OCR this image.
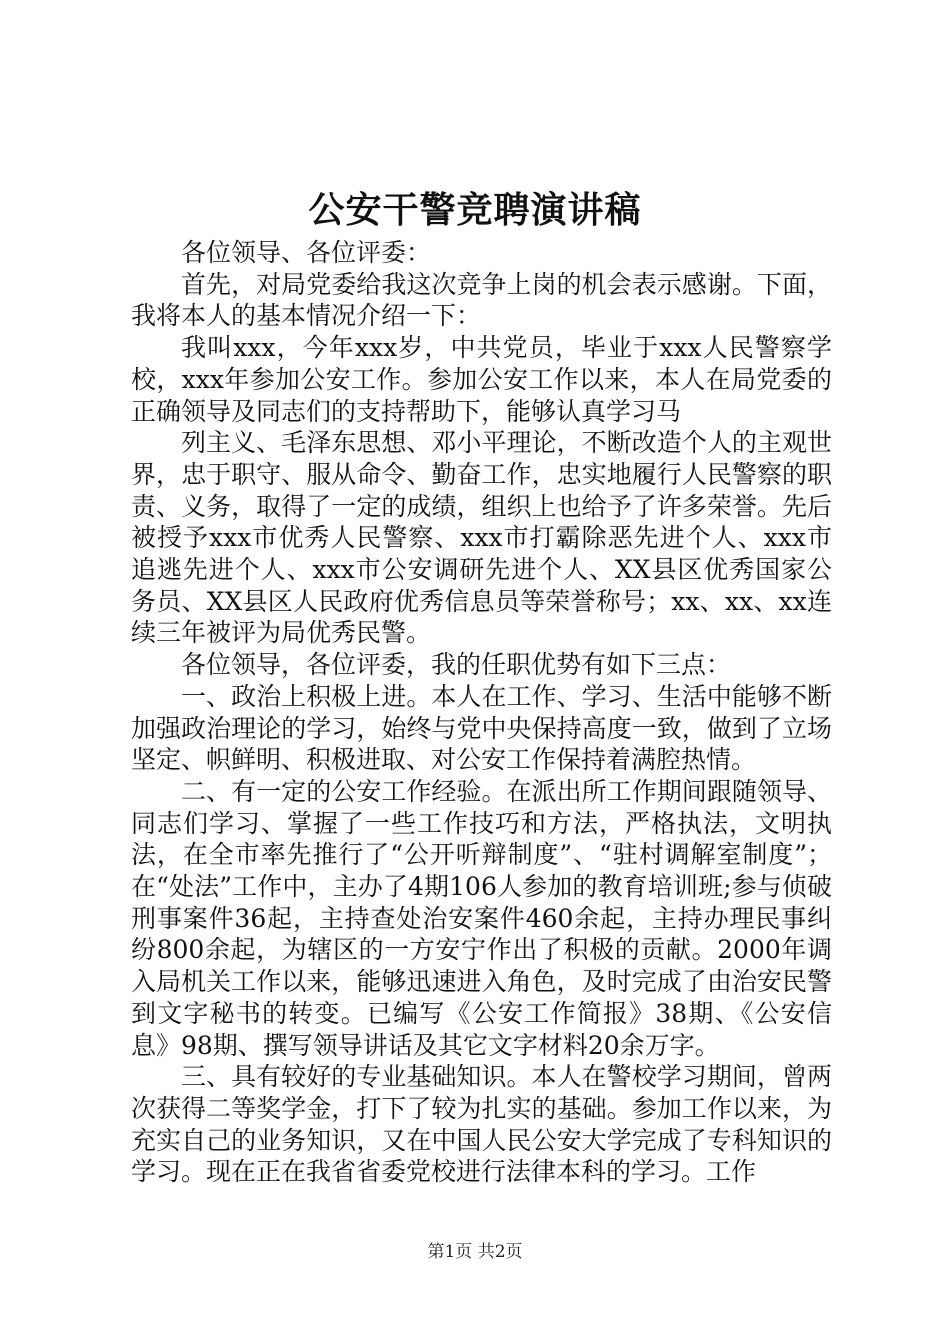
公安干警竞聘演讲稿

各位领导、各位评委：

首先，对局党委给我这次竞争上岗的机会表示感谢。下面，我将本人的基本情况介绍一下：

我叫xxx，今年xxx岁，中共党员，毕业于xxx人民警察学校，xxx年参加公安工作。参加公安工作以来，本人在局党委的正确领导及同志们的支持帮助下，能够认真学习马

列主义、毛泽东思想、邓小平理论，不断改造个人的主观世界，忠于职守、服从命令、勤奋工作，忠实地履行人民警察的职责、义务，取得了一定的成绩，组织上也给予了许多荣誉。先后被授予xxx市优秀人民警察、xxx市打霸除恶先进个人、xxx市追逃先进个人、xxx市公安调研先进个人、XX县区优秀国家公务员、XX县区人民政府优秀信息员等荣誉称号；xx、xx、xx连续三年被评为局优秀民警。

各位领导，各位评委，我的任职优势有如下三点：

一、政治上积极上进。本人在工作、学习、生活中能够不断加强政治理论的学习，始终与党中央保持高度一致，做到了立场坚定、帜鲜明、积极进取、对公安工作保持着满腔热情。

二、有一定的公安工作经验。在派出所工作期间跟随领导、同志们学习、掌握了一些工作技巧和方法，严格执法，文明执法，在全市率先推行了“公开听辩制度”、“驻村调解室制度”；在“处法”工作中，主办了4期106人参加的教育培训班;参与侦破刑事案件36起，主持查处治安案件460余起，主持办理民事纠纷800余起，为辖区的一方安宁作出了积极的贡献。2000年调入局机关工作以来，能够迅速进入角色，及时完成了由治安民警到文字秘书的转变。已编写《公安工作简报》38期、《公安信息》98期、撰写领导讲话及其它文字材料20余万字。

三、具有较好的专业基础知识。本人在警校学习期间，曾两次获得二等奖学金，打下了较为扎实的基础。参加工作以来，为充实自己的业务知识，又在中国人民公安大学完成了专科知识的学习。现在正在我省省委党校进行法律本科的学习。工作

第1页 共2页
